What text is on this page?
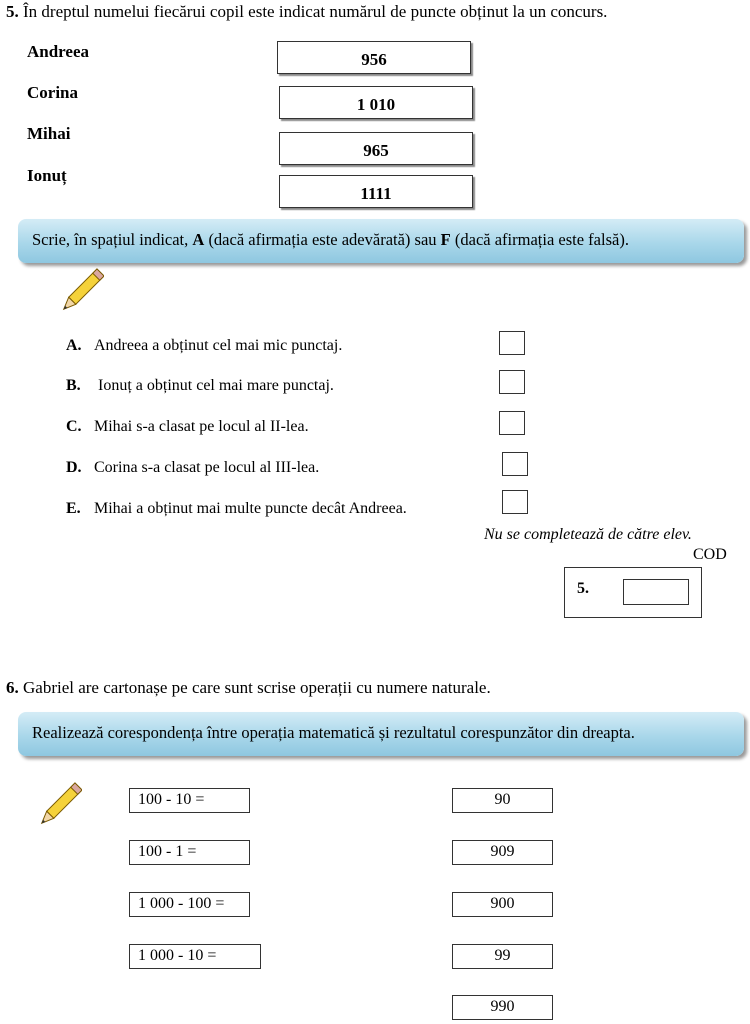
5. În dreptul numelui fiecărui copil este indicat numărul de puncte obținut la un concurs.
Andreea
Corina
Mihai
Ionuț
956
1 010
965
1111
Scrie, în spațiul indicat, A (dacă afirmația este adevărată) sau F (dacă afirmația este falsă).
A. Andreea a obținut cel mai mic punctaj.
B. Ionuț a obținut cel mai mare punctaj.
C. Mihai s-a clasat pe locul al II-lea.
D. Corina s-a clasat pe locul al III-lea.
E. Mihai a obținut mai multe puncte decât Andreea.
Nu se completează de către elev.
COD
5.
6. Gabriel are cartonașe pe care sunt scrise operații cu numere naturale.
Realizează corespondența între operația matematică și rezultatul corespunzător din dreapta.
100 - 10 =
100 - 1 =
1 000 - 100 =
1 000 - 10 =
90
909
900
99
990
